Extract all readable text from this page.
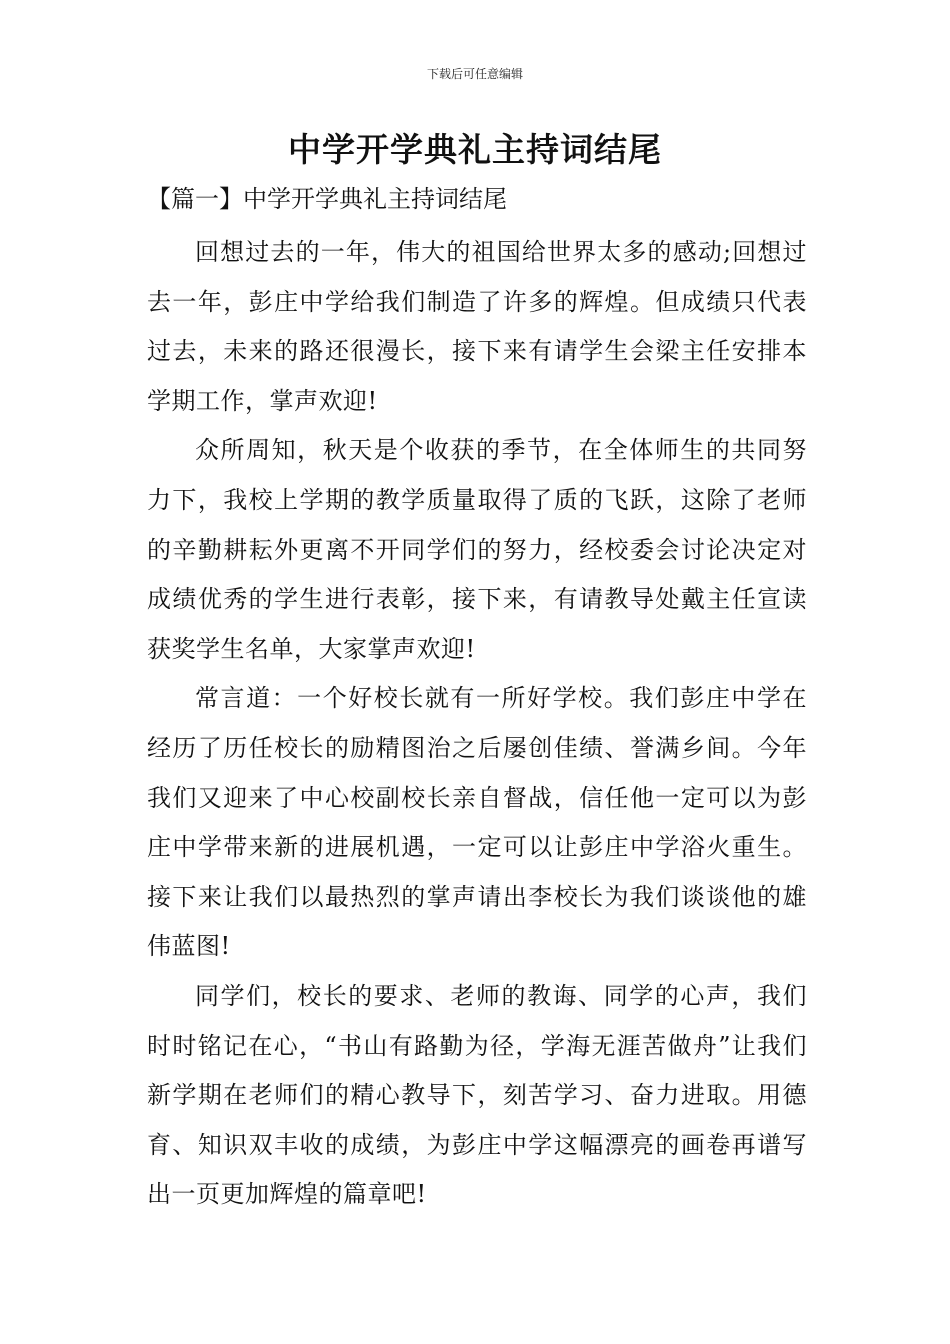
下载后可任意编辑
中学开学典礼主持词结尾
【篇一】中学开学典礼主持词结尾

回想过去的一年，伟大的祖国给世界太多的感动;回想过去一年，彭庄中学给我们制造了许多的辉煌。但成绩只代表过去，未来的路还很漫长，接下来有请学生会梁主任安排本学期工作，掌声欢迎!

众所周知，秋天是个收获的季节，在全体师生的共同努力下，我校上学期的教学质量取得了质的飞跃，这除了老师的辛勤耕耘外更离不开同学们的努力，经校委会讨论决定对成绩优秀的学生进行表彰，接下来，有请教导处戴主任宣读获奖学生名单，大家掌声欢迎!

常言道：一个好校长就有一所好学校。我们彭庄中学在经历了历任校长的励精图治之后屡创佳绩、誉满乡间。今年我们又迎来了中心校副校长亲自督战，信任他一定可以为彭庄中学带来新的进展机遇，一定可以让彭庄中学浴火重生。接下来让我们以最热烈的掌声请出李校长为我们谈谈他的雄伟蓝图!

同学们，校长的要求、老师的教诲、同学的心声，我们时时铭记在心，“书山有路勤为径，学海无涯苦做舟”让我们新学期在老师们的精心教导下，刻苦学习、奋力进取。用德育、知识双丰收的成绩，为彭庄中学这幅漂亮的画卷再谱写出一页更加辉煌的篇章吧!
